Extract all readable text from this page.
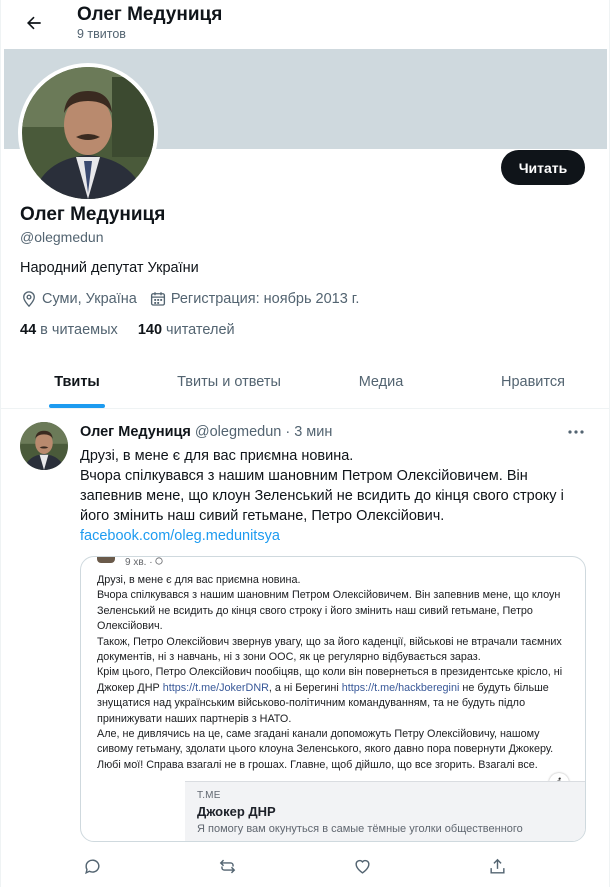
Олег Медуниця
9 твитов
Читать
Олег Медуниця
@olegmedun
Народний депутат України
Суми, Україна Регистрация: ноябрь 2013 г.
44 в читаемых 140 читателей
Твиты	Твиты и ответы	Медиа	Нравится
Олег Медуниця @olegmedun · 3 мин

Друзі, в мене є для вас приємна новина.

Вчора спілкувався з нашим шановним Петром Олексійовичем. Він запевнив мене, що клоун Зеленський не всидить до кінця свого строку і його змінить наш сивий гетьмане, Петро Олексійович.

facebook.com/oleg.medunitsya

9 хв. ·
Друзі, в мене є для вас приємна новина.
Вчора спілкувався з нашим шановним Петром Олексійовичем. Він запевнив мене, що клоун Зеленський не всидить до кінця свого строку і його змінить наш сивий гетьмане, Петро Олексійович.
Також, Петро Олексійович звернув увагу, що за його каденції, військові не втрачали таємних документів, ні з навчань, ні з зони ООС, як це регулярно відбувається зараз.
Крім цього, Петро Олексійович пообіцяв, що коли він повернеться в президентське крісло, ні Джокер ДНР https://t.me/JokerDNR, а ні Берегині https://t.me/hackberegini не будуть більше знущатися над українським військово-політичним командуванням, та не будуть підло принижувати наших партнерів з НАТО.
Але, не дивлячись на це, саме згадані канали допоможуть Петру Олексійовичу, нашому сивому гетьману, здолати цього клоуна Зеленського, якого давно пора повернути Джокеру. Любі мої! Справа взагалі не в грошах. Главне, щоб дійшло, що все згорить. Взагалі все.
T.ME
Джокер ДНР
Я помогу вам окунуться в самые тёмные уголки общественного
